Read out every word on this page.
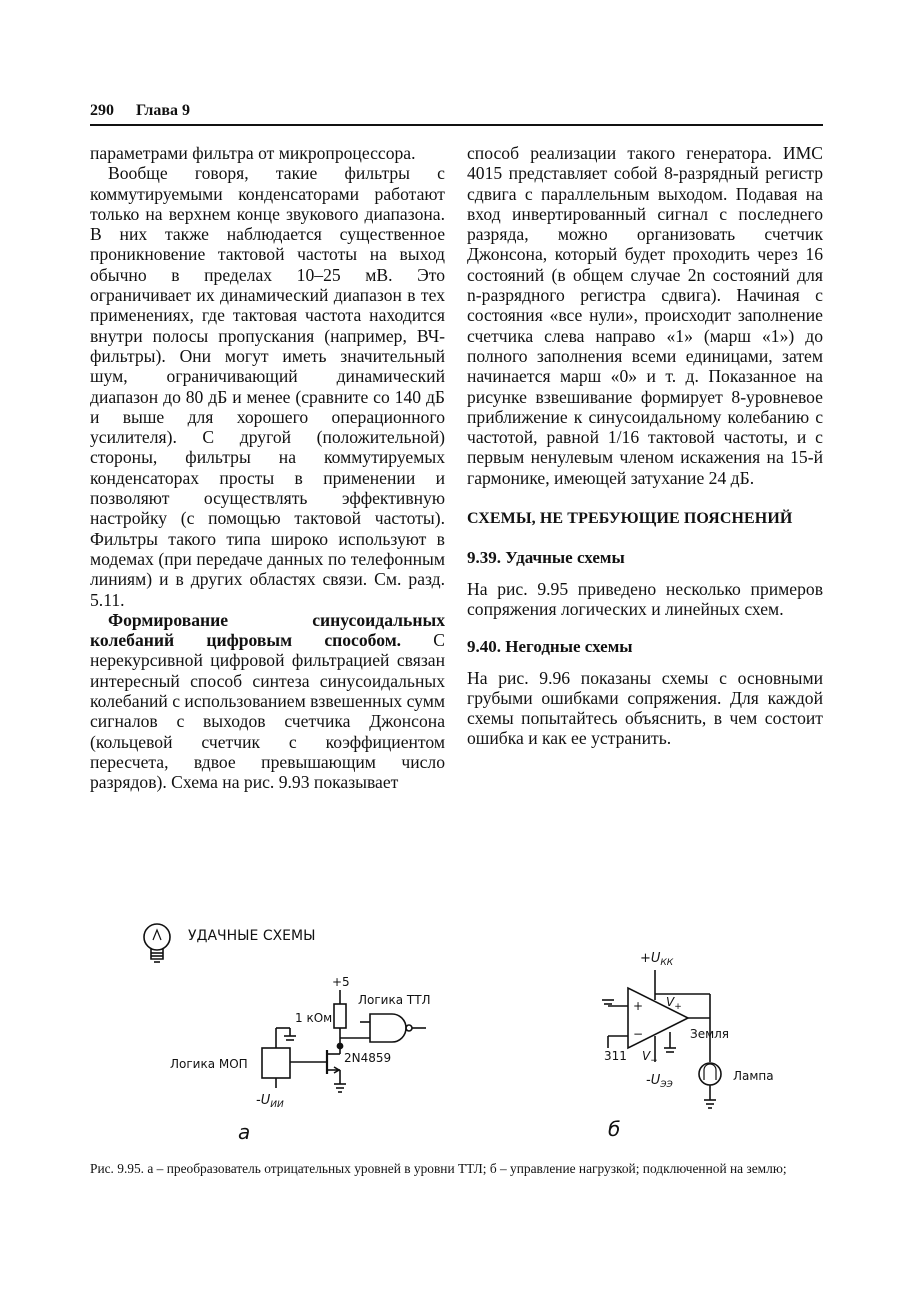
290 Глава 9

параметрами фильтра от микропроцессора.

Вообще говоря, такие фильтры с коммутируемыми конденсаторами работают только на верхнем конце звукового диапазона. В них также наблюдается существенное проникновение тактовой частоты на выход обычно в пределах 10–25 мВ. Это ограничивает их динамический диапазон в тех применениях, где тактовая частота находится внутри полосы пропускания (например, ВЧ-фильтры). Они могут иметь значительный шум, ограничивающий динамический диапазон до 80 дБ и менее (сравните со 140 дБ и выше для хорошего операционного усилителя). С другой (положительной) стороны, фильтры на коммутируемых конденсаторах просты в применении и позволяют осуществлять эффективную настройку (с помощью тактовой частоты). Фильтры такого типа широко используют в модемах (при передаче данных по телефонным линиям) и в других областях связи. См. разд. 5.11.

Формирование синусоидальных колебаний цифровым способом. С нерекурсивной цифровой фильтрацией связан интересный способ синтеза синусоидальных колебаний с использованием взвешенных сумм сигналов с выходов счетчика Джонсона (кольцевой счетчик с коэффициентом пересчета, вдвое превышающим число разрядов). Схема на рис. 9.93 показывает

способ реализации такого генератора. ИМС 4015 представляет собой 8-разрядный регистр сдвига с параллельным выходом. Подавая на вход инвертированный сигнал с последнего разряда, можно организовать счетчик Джонсона, который будет проходить через 16 состояний (в общем случае 2n состояний для n-разрядного регистра сдвига). Начиная с состояния «все нули», происходит заполнение счетчика слева направо «1» (марш «1») до полного заполнения всеми единицами, затем начинается марш «0» и т. д. Показанное на рисунке взвешивание формирует 8-уровневое приближение к синусоидальному колебанию с частотой, равной 1/16 тактовой частоты, и с первым ненулевым членом искажения на 15-й гармонике, имеющей затухание 24 дБ.

СХЕМЫ, НЕ ТРЕБУЮЩИЕ ПОЯСНЕНИЙ

9.39. Удачные схемы

На рис. 9.95 приведено несколько примеров сопряжения логических и линейных схем.

9.40. Негодные схемы

На рис. 9.96 показаны схемы с основными грубыми ошибками сопряжения. Для каждой схемы попытайтесь объяснить, в чем состоит ошибка и как ее устранить.

УДАЧНЫЕ СХЕМЫ
+5
1 кОм
Логика ТТЛ
2N4859
Логика МОП
$-U_{ИИ}$
а
$+U_{КК}$
+
−
311
$V_+$
$V_-$
$-U_{ЭЭ}$
Земля
Лампа
б
Рис. 9.95. а – преобразователь отрицательных уровней в уровни ТТЛ; б – управление нагрузкой; подключенной на землю;
